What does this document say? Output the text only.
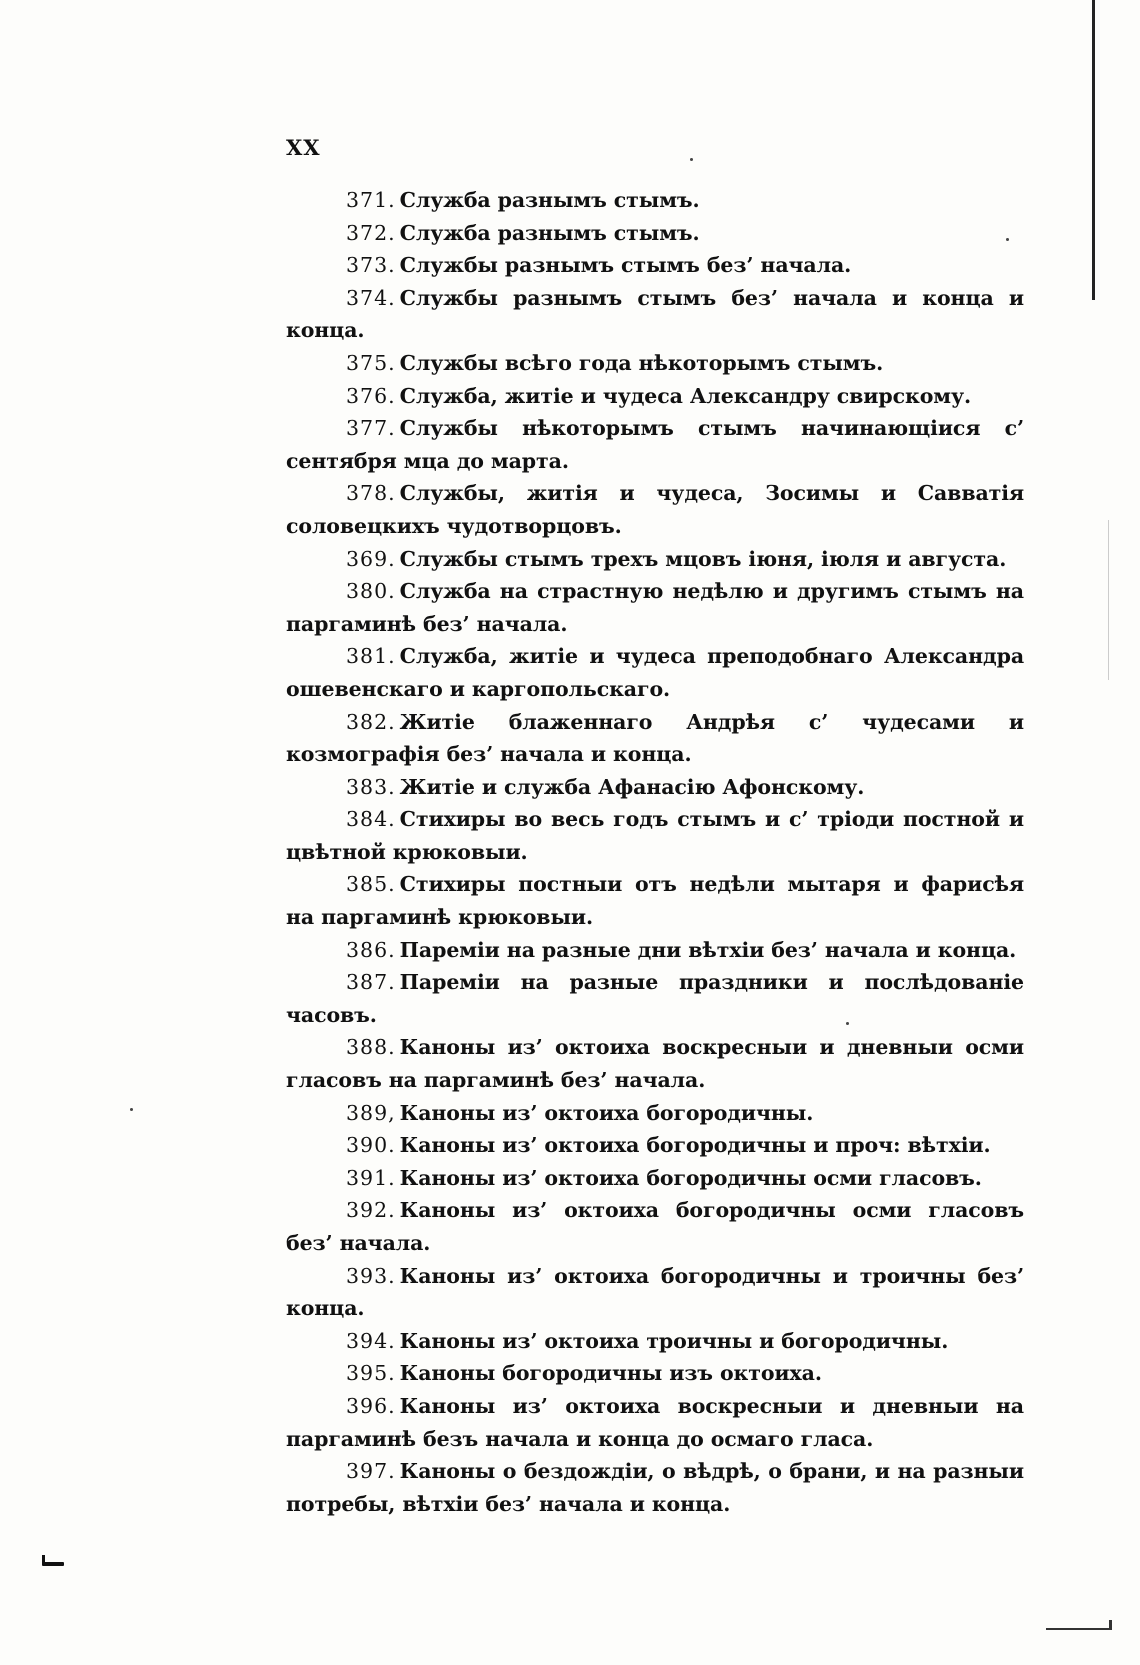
XX
371. Служба разнымъ стымъ.
372. Служба разнымъ стымъ.
373. Службы разнымъ стымъ без’ начала.
374. Службы разнымъ стымъ без’ начала и конца и конца.
375. Службы всѣго года нѣкоторымъ стымъ.
376. Служба, житіе и чудеса Александру свирскому.
377. Службы нѣкоторымъ стымъ начинающіися с’ сентября мца до марта.
378. Службы, житія и чудеса, Зосимы и Савватія соловецкихъ чудотворцовъ.
369. Службы стымъ трехъ мцовъ іюня, іюля и августа.
380. Служба на страстную недѣлю и другимъ стымъ на паргаминѣ без’ начала.
381. Служба, житіе и чудеса преподобнаго Александра ошевенскаго и каргопольскаго.
382. Житіе блаженнаго Андрѣя с’ чудесами и козмографія без’ начала и конца.
383. Житіе и служба Афанасію Афонскому.
384. Стихиры во весь годъ стымъ и с’ тріоди постной и цвѣтной крюковыи.
385. Стихиры постныи отъ недѣли мытаря и фарисѣя на паргаминѣ крюковыи.
386. Пареміи на разные дни вѣтхіи без’ начала и конца.
387. Пареміи на разные праздники и послѣдованіе часовъ.
388. Каноны из’ октоиха воскресныи и дневныи осми гласовъ на паргаминѣ без’ начала.
389, Каноны из’ октоиха богородичны.
390. Каноны из’ октоиха богородичны и проч: вѣтхіи.
391. Каноны из’ октоиха богородичны осми гласовъ.
392. Каноны из’ октоиха богородичны осми гласовъ без’ начала.
393. Каноны из’ октоиха богородичны и троичны без’ конца.
394. Каноны из’ октоиха троичны и богородичны.
395. Каноны богородичны изъ октоиха.
396. Каноны из’ октоиха воскресныи и дневныи на паргаминѣ безъ начала и конца до осмаго гласа.
397. Каноны о бездождіи, о вѣдрѣ, о брани, и на разныи потребы, вѣтхіи без’ начала и конца.
